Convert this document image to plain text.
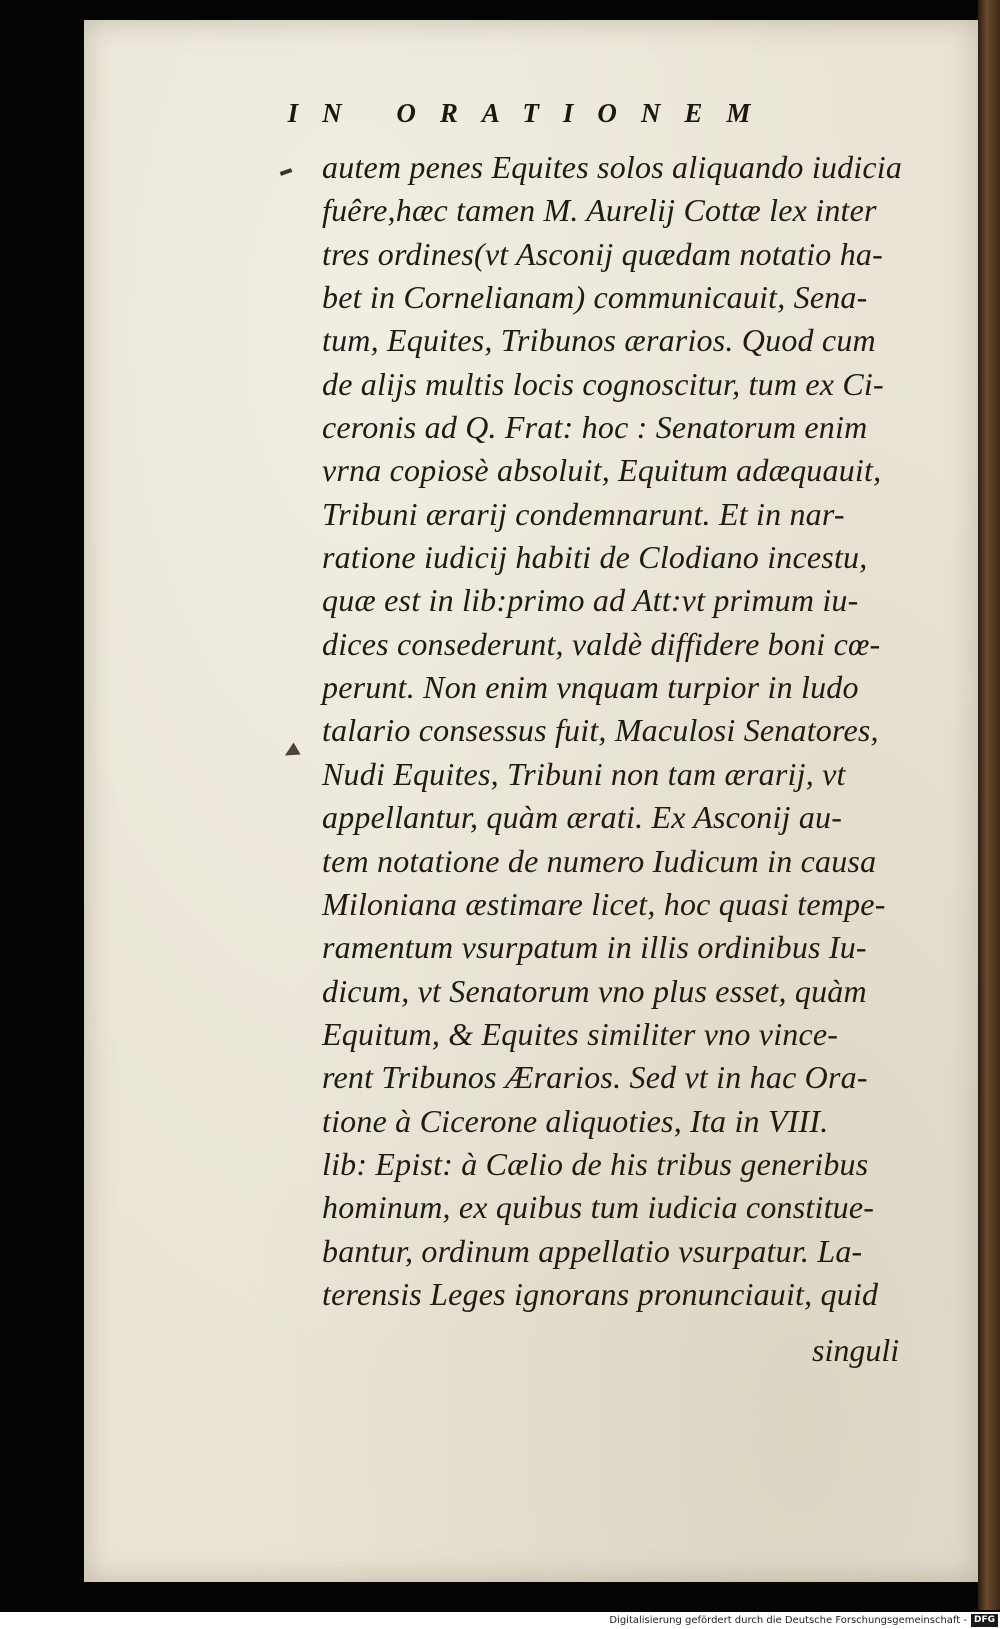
IN ORATIONEM
autem penes Equites solos aliquando iudicia
fuêre,hæc tamen M. Aurelij Cottæ lex inter
tres ordines(vt Asconij quædam notatio ha-
bet in Cornelianam) communicauit, Sena-
tum, Equites, Tribunos ærarios. Quod cum
de alijs multis locis cognoscitur, tum ex Ci-
ceronis ad Q. Frat: hoc : Senatorum enim
vrna copiosè absoluit, Equitum adæquauit,
Tribuni ærarij condemnarunt. Et in nar-
ratione iudicij habiti de Clodiano incestu,
quæ est in lib:primo ad Att:vt primum iu-
dices consederunt, valdè diffidere boni cœ-
perunt. Non enim vnquam turpior in ludo
talario consessus fuit, Maculosi Senatores,
Nudi Equites, Tribuni non tam ærarij, vt
appellantur, quàm ærati. Ex Asconij au-
tem notatione de numero Iudicum in causa
Miloniana æstimare licet, hoc quasi tempe-
ramentum vsurpatum in illis ordinibus Iu-
dicum, vt Senatorum vno plus esset, quàm
Equitum, & Equites similiter vno vince-
rent Tribunos Ærarios. Sed vt in hac Ora-
tione à Cicerone aliquoties, Ita in VIII.
lib: Epist: à Cælio de his tribus generibus
hominum, ex quibus tum iudicia constitue-
bantur, ordinum appellatio vsurpatur. La-
terensis Leges ignorans pronunciauit, quid
singuli
Digitalisierung gefördert durch die Deutsche Forschungsgemeinschaft - DFG
